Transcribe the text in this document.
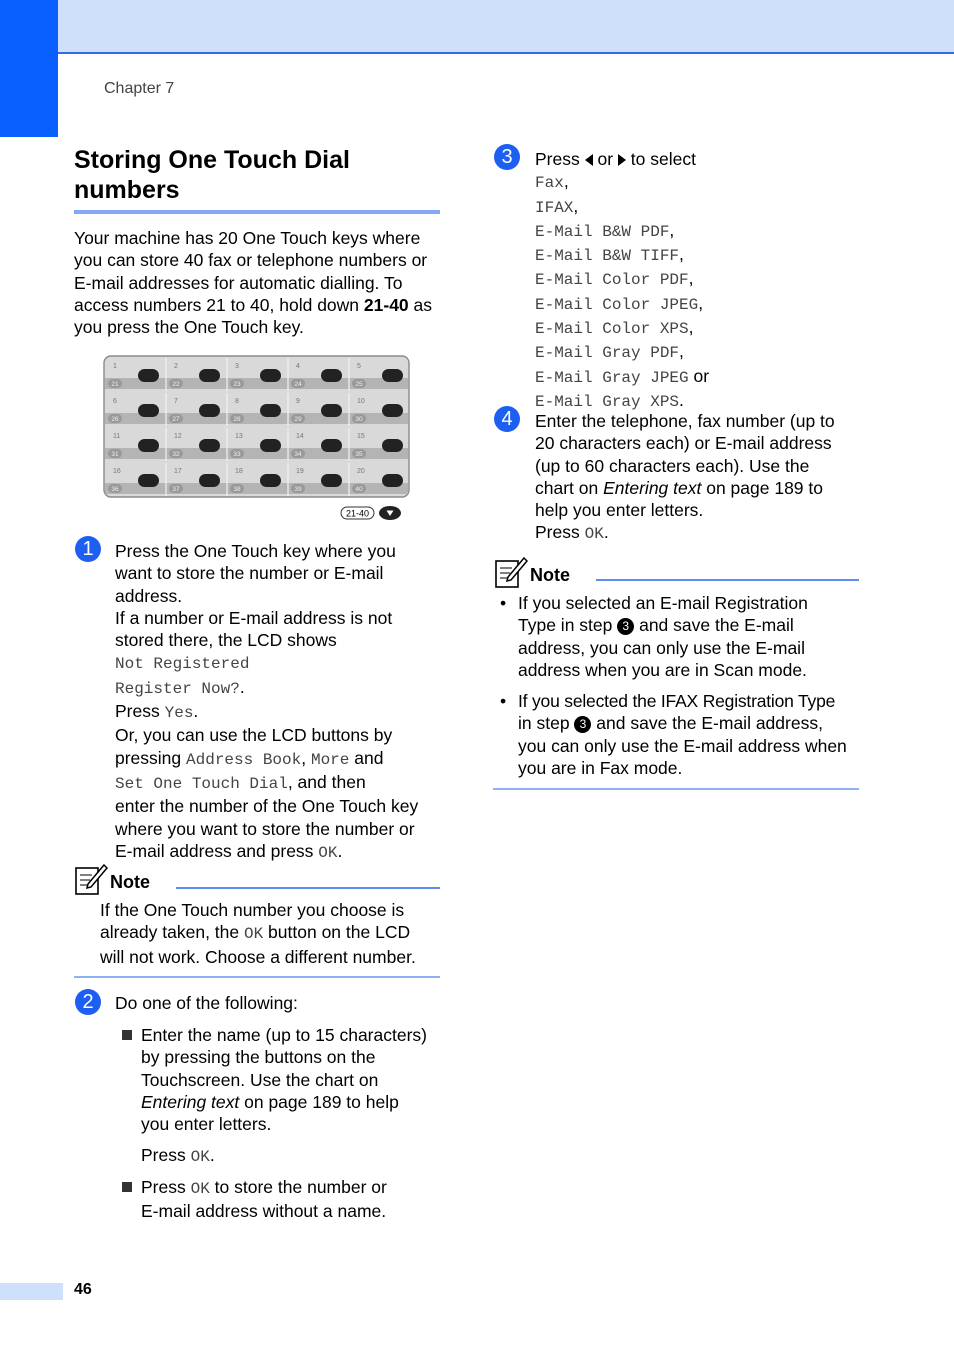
Chapter 7
Storing One Touch Dial numbers
Your machine has 20 One Touch keys where you can store 40 fax or telephone numbers or E-mail addresses for automatic dialling. To access numbers 21 to 40, hold down 21-40 as you press the One Touch key.
1
21
2
22
3
23
4
24
5
25
6
26
7
27
8
28
9
29
10
30
11
31
12
32
13
33
14
34
15
35
16
36
17
37
18
38
19
39
20
40
21-40
1	Press the One Touch key where you
want to store the number or E-mail
address.
If a number or E-mail address is not
stored there, the LCD shows
Not Registered
Register Now?.
Press Yes.
Or, you can use the LCD buttons by
pressing Address Book, More and
Set One Touch Dial, and then
enter the number of the One Touch key
where you want to store the number or
E-mail address and press OK.
Note
If the One Touch number you choose is
already taken, the OK button on the LCD
will not work. Choose a different number.
2	Do one of the following:
Enter the name (up to 15 characters)
by pressing the buttons on the
Touchscreen. Use the chart on
Entering text on page 189 to help
you enter letters.
Press OK.
Press OK to store the number or
E-mail address without a name.
3	Press  or  to select
Fax,
IFAX,
E-Mail B&W PDF,
E-Mail B&W TIFF,
E-Mail Color PDF,
E-Mail Color JPEG,
E-Mail Color XPS,
E-Mail Gray PDF,
E-Mail Gray JPEG or
E-Mail Gray XPS.
4	Enter the telephone, fax number (up to
20 characters each) or E-mail address
(up to 60 characters each). Use the
chart on Entering text on page 189 to
help you enter letters.
Press OK.
Note
• If you selected an E-mail Registration
Type in step 3 and save the E-mail
address, you can only use the E-mail
address when you are in Scan mode.
• If you selected the IFAX Registration Type
in step 3 and save the E-mail address,
you can only use the E-mail address when
you are in Fax mode.
46
